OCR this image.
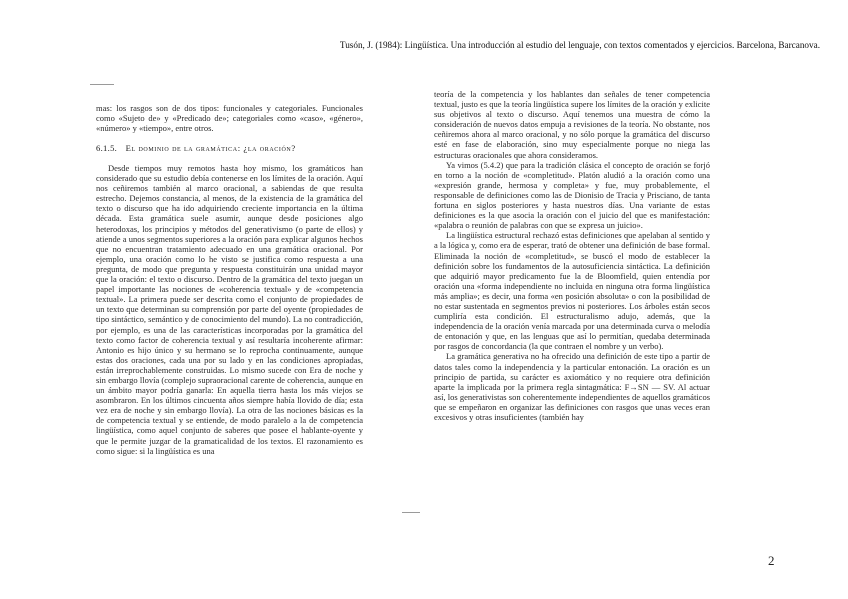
Tusón, J. (1984): Lingüística. Una introducción al estudio del lenguaje, con textos comentados y ejercicios. Barcelona, Barcanova.

mas: los rasgos son de dos tipos: funcionales y categoriales. Funcionales como «Sujeto de» y «Predicado de»; categoriales como «caso», «género», «número» y «tiempo», entre otros.

6.1.5. El dominio de la gramática: ¿la oración?

Desde tiempos muy remotos hasta hoy mismo, los gramáticos han considerado que su estudio debía contenerse en los límites de la oración. Aquí nos ceñiremos también al marco oracional, a sabiendas de que resulta estrecho. Dejemos constancia, al menos, de la existencia de la gramática del texto o discurso que ha ido adquiriendo creciente importancia en la última década. Esta gramática suele asumir, aunque desde posiciones algo heterodoxas, los principios y métodos del generativismo (o parte de ellos) y atiende a unos segmentos superiores a la oración para explicar algunos hechos que no encuentran tratamiento adecuado en una gramática oracional. Por ejemplo, una oración como lo he visto se justifica como respuesta a una pregunta, de modo que pregunta y respuesta constituirán una unidad mayor que la oración: el texto o discurso. Dentro de la gramática del texto juegan un papel importante las nociones de «coherencia textual» y de «competencia textual». La primera puede ser descrita como el conjunto de propiedades de un texto que determinan su comprensión por parte del oyente (propiedades de tipo sintáctico, semántico y de conocimiento del mundo). La no contradicción, por ejemplo, es una de las características incorporadas por la gramática del texto como factor de coherencia textual y así resultaría incoherente afirmar: Antonio es hijo único y su hermano se lo reprocha continuamente, aunque estas dos oraciones, cada una por su lado y en las condiciones apropiadas, están irreprochablemente construidas. Lo mismo sucede con Era de noche y sin embargo llovía (complejo supraoracional carente de coherencia, aunque en un ámbito mayor podría ganarla: En aquella tierra hasta los más viejos se asombraron. En los últimos cincuenta años siempre había llovido de día; esta vez era de noche y sin embargo llovía). La otra de las nociones básicas es la de competencia textual y se entiende, de modo paralelo a la de competencia lingüística, como aquel conjunto de saberes que posee el hablante-oyente y que le permite juzgar de la gramaticalidad de los textos. El razonamiento es como sigue: si la lingüística es una

teoría de la competencia y los hablantes dan señales de tener competencia textual, justo es que la teoría lingüística supere los límites de la oración y exlicite sus objetivos al texto o discurso. Aquí tenemos una muestra de cómo la consideración de nuevos datos empuja a revisiones de la teoría. No obstante, nos ceñiremos ahora al marco oracional, y no sólo porque la gramática del discurso esté en fase de elaboración, sino muy especialmente porque no niega las estructuras oracionales que ahora consideramos.

Ya vimos (5.4.2) que para la tradición clásica el concepto de oración se forjó en torno a la noción de «completitud». Platón aludió a la oración como una «expresión grande, hermosa y completa» y fue, muy probablemente, el responsable de definiciones como las de Dionisio de Tracia y Prisciano, de tanta fortuna en siglos posteriores y hasta nuestros días. Una variante de estas definiciones es la que asocia la oración con el juicio del que es manifestación: «palabra o reunión de palabras con que se expresa un juicio».

La lingüística estructural rechazó estas definiciones que apelaban al sentido y a la lógica y, como era de esperar, trató de obtener una definición de base formal. Eliminada la noción de «completitud», se buscó el modo de establecer la definición sobre los fundamentos de la autosuficiencia sintáctica. La definición que adquirió mayor predicamento fue la de Bloomfield, quien entendía por oración una «forma independiente no incluida en ninguna otra forma lingüística más amplia»; es decir, una forma «en posición absoluta» o con la posibilidad de no estar sustentada en segmentos previos ni posteriores. Los árboles están secos cumpliría esta condición. El estructuralismo adujo, además, que la independencia de la oración venía marcada por una determinada curva o melodía de entonación y que, en las lenguas que así lo permitían, quedaba determinada por rasgos de concordancia (la que contraen el nombre y un verbo).

La gramática generativa no ha ofrecido una definición de este tipo a partir de datos tales como la independencia y la particular entonación. La oración es un principio de partida, su carácter es axiomático y no requiere otra definición aparte la implicada por la primera regla sintagmática: F→SN — SV. Al actuar así, los generativistas son coherentemente independientes de aquellos gramáticos que se empeñaron en organizar las definiciones con rasgos que unas veces eran excesivos y otras insuficientes (también hay

2
